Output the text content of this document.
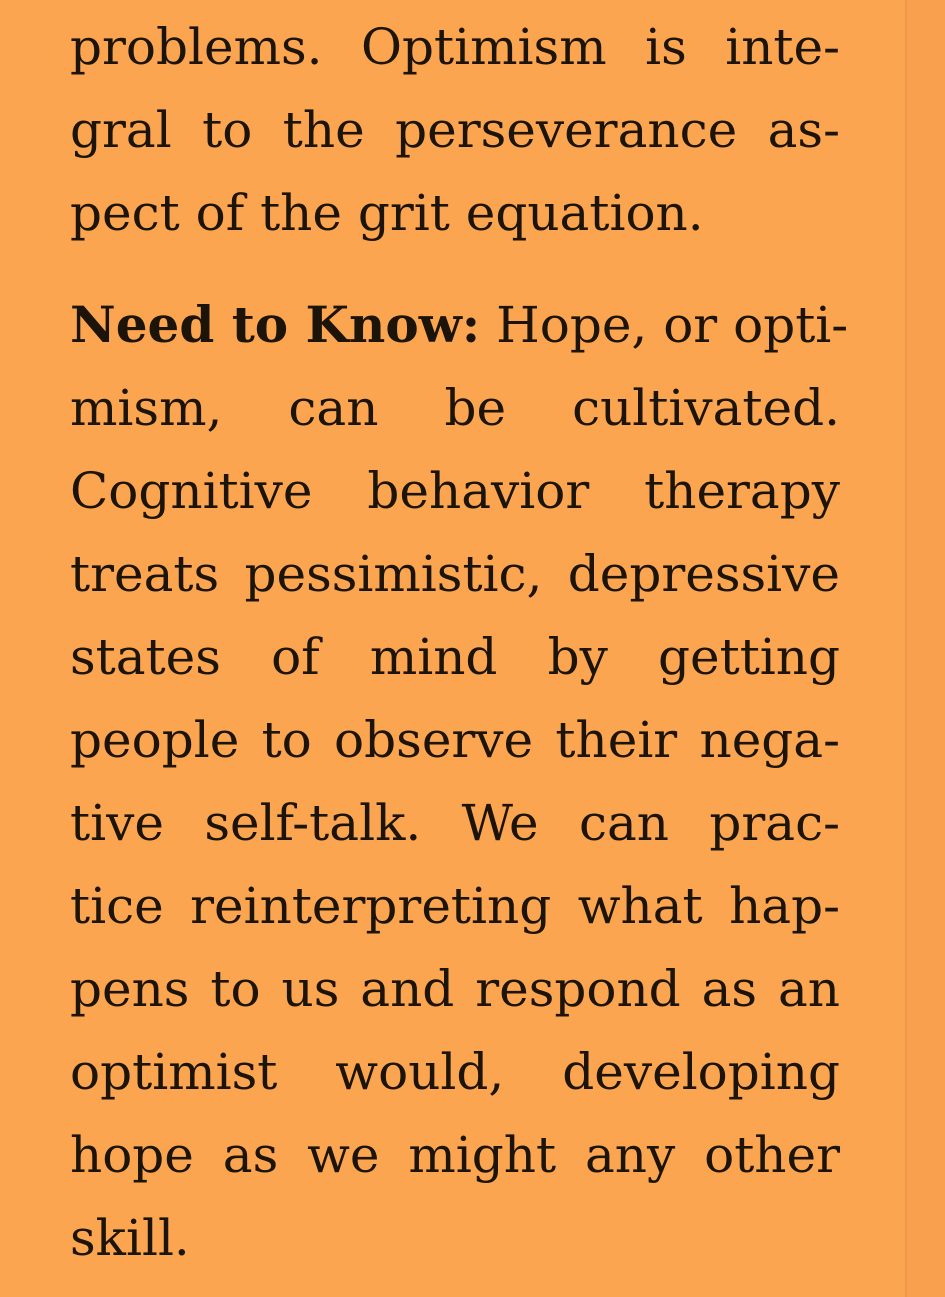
problems. Optimism is inte-
gral to the perseverance as-
pect of the grit equation.

Need to Know: Hope, or opti-
mism, can be cultivated.
Cognitive behavior therapy
treats pessimistic, depressive
states of mind by getting
people to observe their nega-
tive self-talk. We can prac-
tice reinterpreting what hap-
pens to us and respond as an
optimist would, developing
hope as we might any other
skill.
